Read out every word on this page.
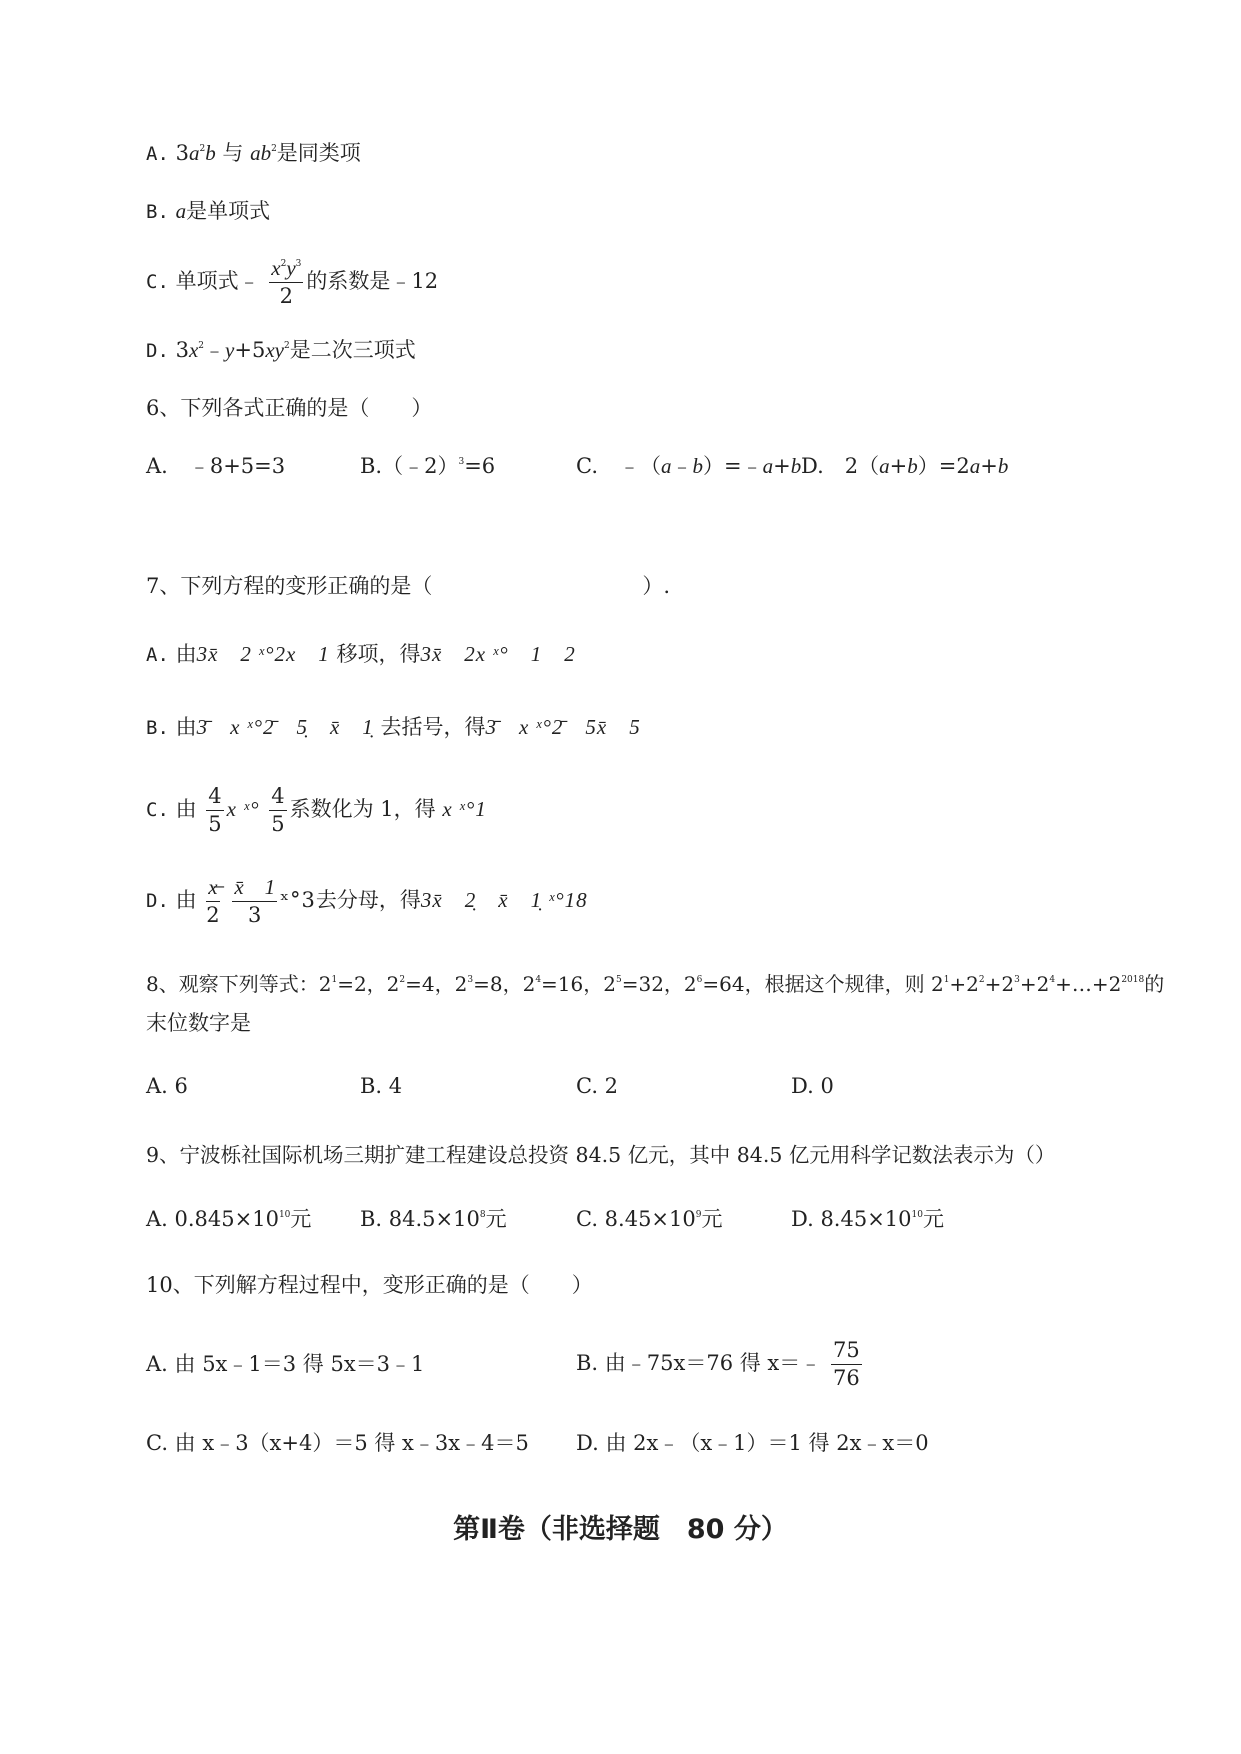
A. $3a^2b$ 与 $ab^2$是同类项
B. a是单项式
C. 单项式﹣ $\frac{x^2y^3}{2}$ 的系数是﹣12
D. $3x^2﹣y+5xy^2$是二次三项式
6、下列各式正确的是（　　）
A.　﹣8+5=3	B.（﹣2）$^3$=6	C.　﹣（a﹣b）=﹣a+b D.　2（a+b）=2a+b
7、下列方程的变形正确的是（　　　　　　　　　　）.
A. 由3x̄　2 ˣ°2x　1 移项，得3x̄　2x ˣ°　1　2
B. 由3̄　x ˣ°2̄　5̣　x̄　1̣ 去括号，得3̄　x ˣ°2̄　5x̄　5
C. 由 $\frac{4}{5}$ x ˣ° $\frac{4}{5}$ 系数化为 1，得 x ˣ°1
D. 由 $\frac{x̶}{2}$
$\frac{x̄ 1}{3}$ ˣ°3去分母，得3x̄　2̣　x̄　1̣ ˣ°18
8、观察下列等式：$2^1=2$，$2^2=4$，$2^3=8$，$2^4=16$，$2^5=32$，$2^6=64$，根据这个规律，则 $2^1+2^2+2^3+2^4+\dots+2^{2018}$的
末位数字是
A. 6	B. 4	C. 2	D. 0
9、宁波栎社国际机场三期扩建工程建设总投资 84.5 亿元，其中 84.5 亿元用科学记数法表示为（）
A. $0.845\times 10^{10}$元 B. $84.5\times 10^8$元	C. $8.45\times 10^9$元	D. $8.45\times 10^{10}$元
10、下列解方程过程中，变形正确的是（　　）
A. 由 5x﹣1＝3 得 5x＝3﹣1	B. 由﹣75x＝76 得 x＝﹣ $\frac{75}{76}$
C. 由 x﹣3（x+4）＝5 得 x﹣3x﹣4＝5 D. 由 2x﹣（x﹣1）＝1 得 2x﹣x＝0
第Ⅱ卷（非选择题　80 分）
